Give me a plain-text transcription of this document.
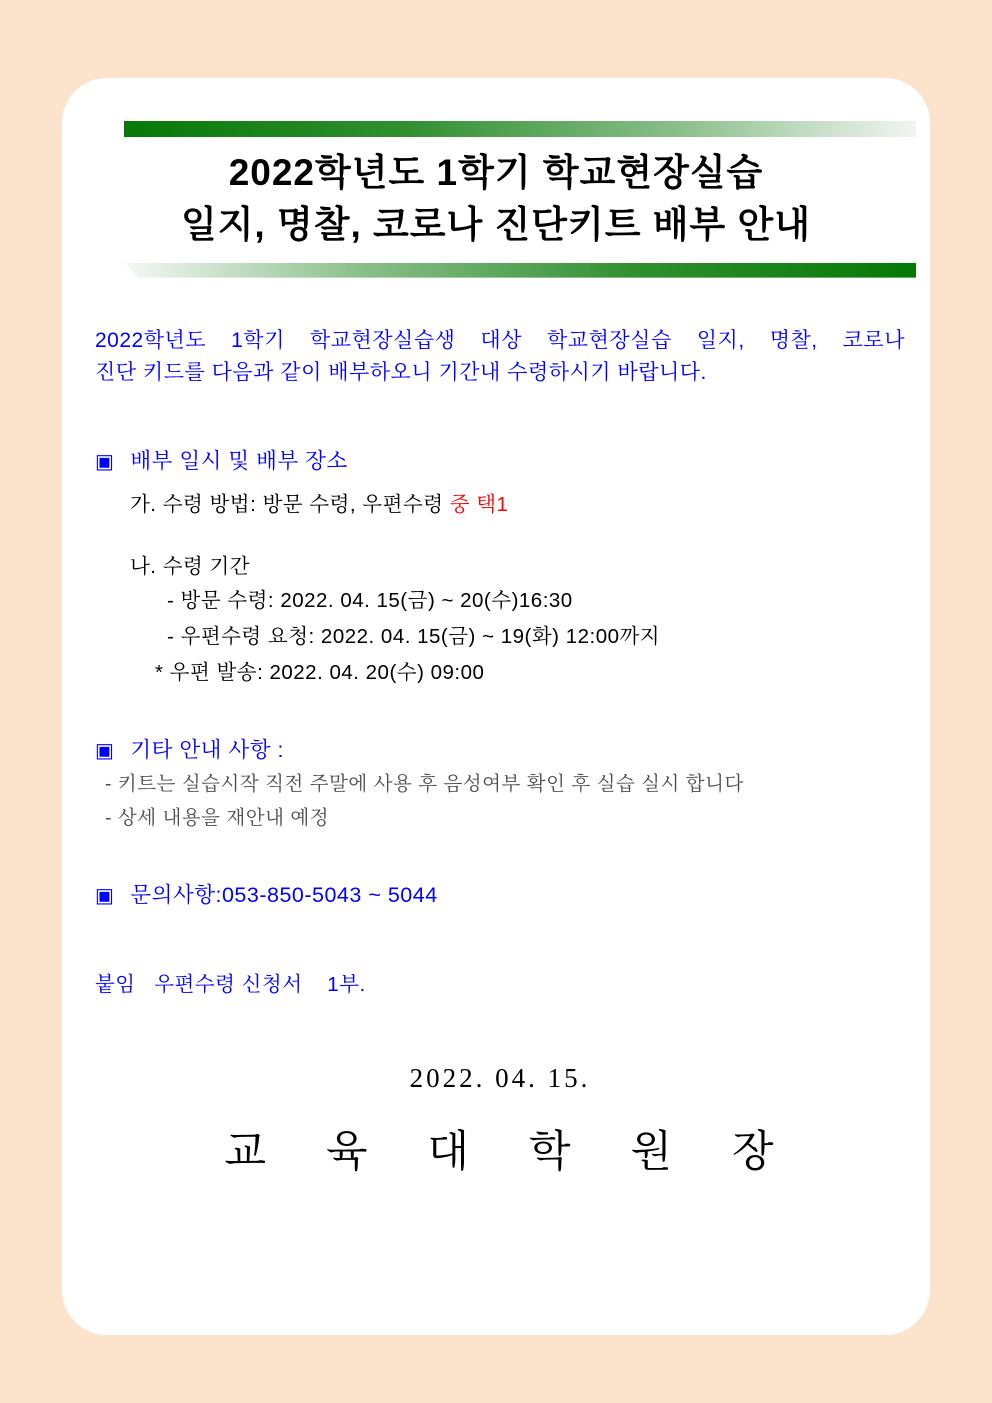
2022학년도 1학기 학교현장실습
일지, 명찰, 코로나 진단키트 배부 안내
2022학년도 1학기 학교현장실습생 대상 학교현장실습 일지, 명찰, 코로나
진단 키드를 다음과 같이 배부하오니 기간내 수령하시기 바랍니다.
▣ 배부 일시 및 배부 장소
가. 수령 방법: 방문 수령, 우편수령 중 택1
나. 수령 기간
- 방문 수령: 2022. 04. 15(금) ~ 20(수)16:30
- 우편수령 요청: 2022. 04. 15(금) ~ 19(화) 12:00까지
* 우편 발송: 2022. 04. 20(수) 09:00
▣ 기타 안내 사항 :
- 키트는 실습시작 직전 주말에 사용 후 음성여부 확인 후 실습 실시 합니다
- 상세 내용을 재안내 예정
▣ 문의사항:053-850-5043 ~ 5044
붙임   우편수령 신청서    1부.
2022. 04. 15.
교 육 대 학 원 장
